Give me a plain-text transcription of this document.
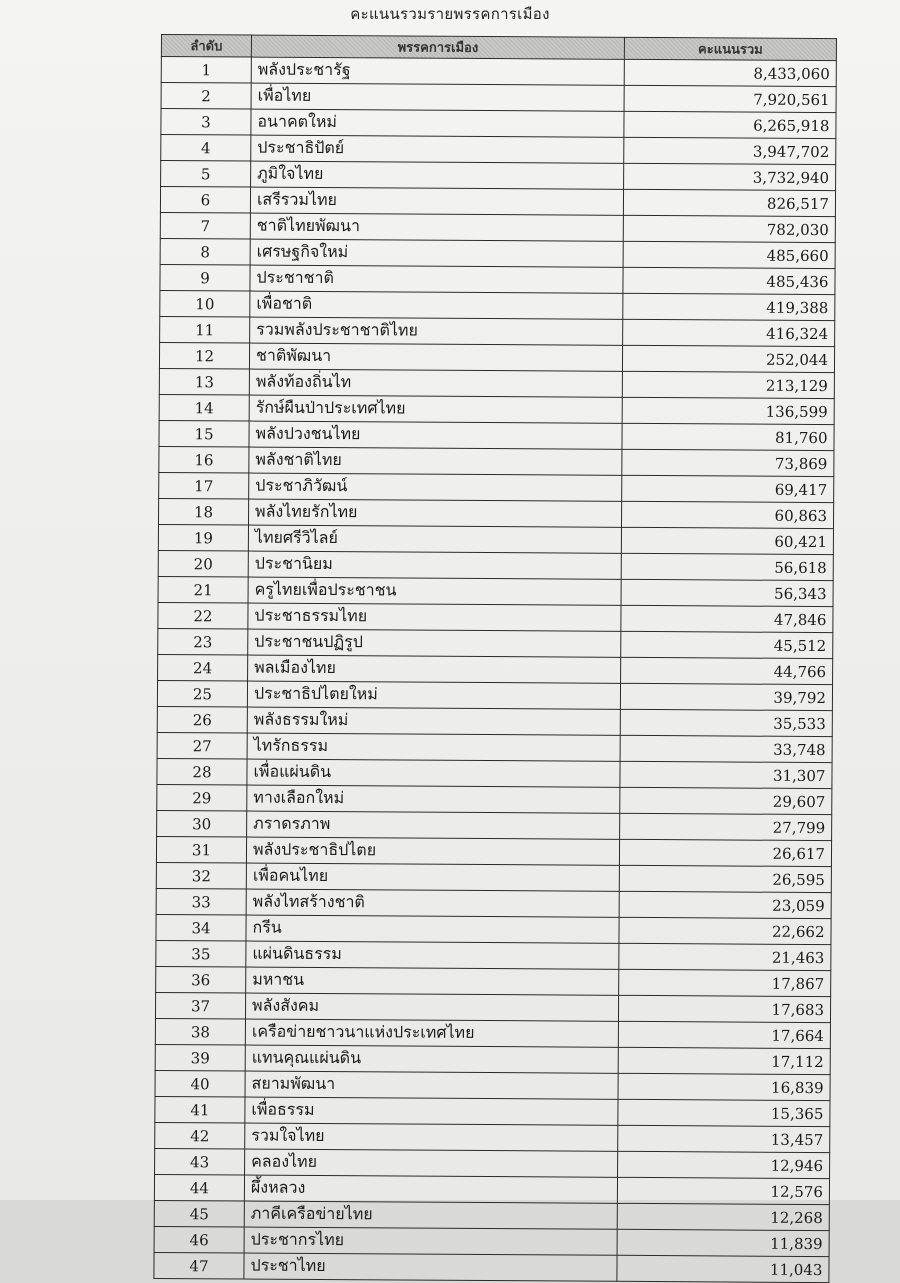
คะแนนรวมรายพรรคการเมือง
ลำดับ	พรรคการเมือง	คะแนนรวม
1	พลังประชารัฐ	8,433,060
2	เพื่อไทย	7,920,561
3	อนาคตใหม่	6,265,918
4	ประชาธิปัตย์	3,947,702
5	ภูมิใจไทย	3,732,940
6	เสรีรวมไทย	826,517
7	ชาติไทยพัฒนา	782,030
8	เศรษฐกิจใหม่	485,660
9	ประชาชาติ	485,436
10	เพื่อชาติ	419,388
11	รวมพลังประชาชาติไทย	416,324
12	ชาติพัฒนา	252,044
13	พลังท้องถิ่นไท	213,129
14	รักษ์ผืนป่าประเทศไทย	136,599
15	พลังปวงชนไทย	81,760
16	พลังชาติไทย	73,869
17	ประชาภิวัฒน์	69,417
18	พลังไทยรักไทย	60,863
19	ไทยศรีวิไลย์	60,421
20	ประชานิยม	56,618
21	ครูไทยเพื่อประชาชน	56,343
22	ประชาธรรมไทย	47,846
23	ประชาชนปฏิรูป	45,512
24	พลเมืองไทย	44,766
25	ประชาธิปไตยใหม่	39,792
26	พลังธรรมใหม่	35,533
27	ไทรักธรรม	33,748
28	เพื่อแผ่นดิน	31,307
29	ทางเลือกใหม่	29,607
30	ภราดรภาพ	27,799
31	พลังประชาธิปไตย	26,617
32	เพื่อคนไทย	26,595
33	พลังไทสร้างชาติ	23,059
34	กรีน	22,662
35	แผ่นดินธรรม	21,463
36	มหาชน	17,867
37	พลังสังคม	17,683
38	เครือข่ายชาวนาแห่งประเทศไทย	17,664
39	แทนคุณแผ่นดิน	17,112
40	สยามพัฒนา	16,839
41	เพื่อธรรม	15,365
42	รวมใจไทย	13,457
43	คลองไทย	12,946
44	ผึ้งหลวง	12,576
45	ภาคีเครือข่ายไทย	12,268
46	ประชากรไทย	11,839
47	ประชาไทย	11,043
